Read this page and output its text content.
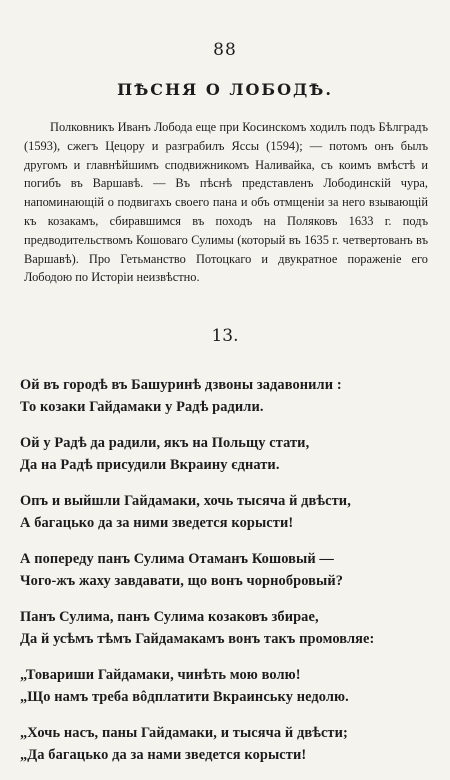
88
ПѢСНЯ О ЛОБОДѢ.
Полковникъ Иванъ Лобода еще при Косинскомъ ходилъ подъ Бѣлградъ (1593), сжегъ Цецору и разграбилъ Яссы (1594); — потомъ онъ былъ другомъ и главнѣйшимъ сподвижникомъ Наливайка, съ коимъ вмѣстѣ и погибъ въ Варшавѣ. — Въ пѣснѣ представленъ Лободинскій чура, напоминающій о подвигахъ своего пана и объ отмщеніи за него взывающій къ козакамъ, сбиравшимся въ походъ на Поляковъ 1633 г. подъ предводительствомъ Кошоваго Сулимы (который въ 1635 г. четвертованъ въ Варшавѣ). Про Гетьманство Потоцкаго и двукратное пораженіе его Лободою по Исторіи неизвѣстно.
13.
Ой въ городѣ въ Башуринѣ дзвоны задавонили :
То козаки Гайдамаки у Радѣ радили.
Ой у Радѣ да радили, якъ на Польщу стати,
Да на Радѣ присудили Вкраину єднати.
Опъ и выйшли Гайдамаки, хочь тысяча й двѣсти,
А багацько да за ними зведется корысти!
А попереду панъ Сулима Отаманъ Кошовый —
Чого-жъ жаху завдавати, що вонъ чорнобровый?
Панъ Сулима, панъ Сулима козаковъ збирае,
Да й усѣмъ тѣмъ Гайдамакамъ вонъ такъ промовляе:
„Товариши Гайдамаки, чинѣть мою волю!
„Що намъ треба вôдплатити Вкраинську недолю.
„Хочь насъ, паны Гайдамаки, и тысяча й двѣсти;
„Да багацько да за нами зведется корысти!
